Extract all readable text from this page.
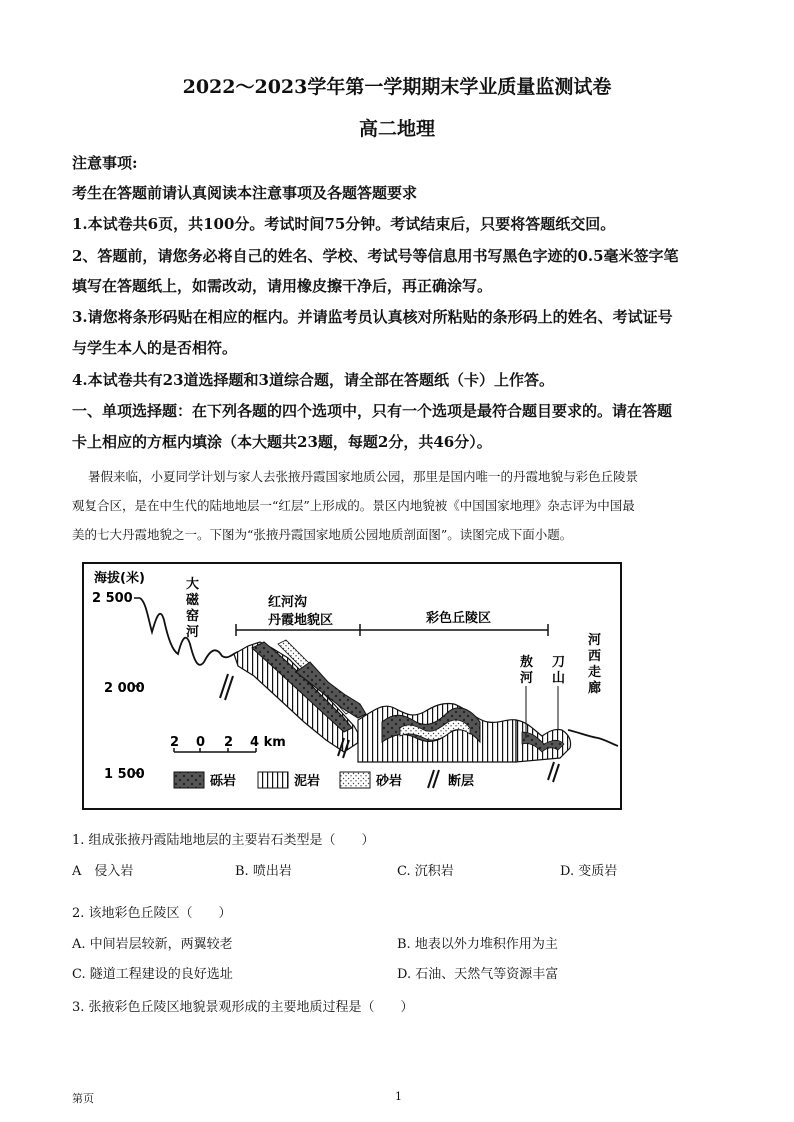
2022～2023学年第一学期期末学业质量监测试卷
高二地理
注意事项:
考生在答题前请认真阅读本注意事项及各题答题要求
1.本试卷共6页，共100分。考试时间75分钟。考试结束后，只要将答题纸交回。
2、答题前，请您务必将自己的姓名、学校、考试号等信息用书写黑色字迹的0.5毫米签字笔
填写在答题纸上，如需改动，请用橡皮擦干净后，再正确涂写。
3.请您将条形码贴在相应的框内。并请监考员认真核对所粘贴的条形码上的姓名、考试证号
与学生本人的是否相符。
4.本试卷共有23道选择题和3道综合题，请全部在答题纸（卡）上作答。
一、单项选择题：在下列各题的四个选项中，只有一个选项是最符合题目要求的。请在答题
卡上相应的方框内填涂（本大题共23题，每题2分，共46分）。
暑假来临，小夏同学计划与家人去张掖丹霞国家地质公园，那里是国内唯一的丹霞地貌与彩色丘陵景
观复合区，是在中生代的陆地地层一“红层”上形成的。景区内地貌被《中国国家地理》杂志评为中国最
美的七大丹霞地貌之一。下图为“张掖丹霞国家地质公园地质剖面图”。读图完成下面小题。
海拔(米)
2 500
2 000
1 500
大
磁
窑
河
红河沟
丹霞地貌区	彩色丘陵区
敖
河
刀
山
河
西
走
廊
2 0 2 4 km
砾岩	泥岩	砂岩	断层
1. 组成张掖丹霞陆地地层的主要岩石类型是（　　）
A　侵入岩	B. 喷出岩	C. 沉积岩	D. 变质岩
2. 该地彩色丘陵区（　　）
A. 中间岩层较新，两翼较老	B. 地表以外力堆积作用为主
C. 隧道工程建设的良好选址	D. 石油、天然气等资源丰富
3. 张掖彩色丘陵区地貌景观形成的主要地质过程是（　　）
第页	1
